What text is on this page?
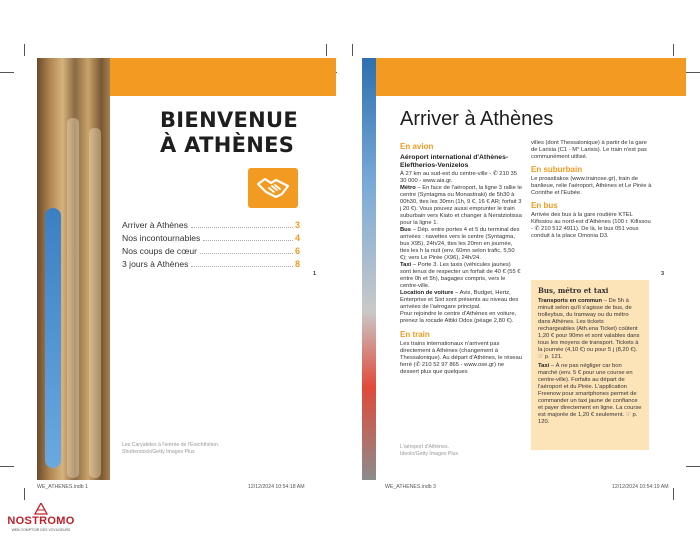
BIENVENUE
À ATHÈNES
Arriver à Athènes	3
Nos incontournables	4
Nos coups de cœur	6
3 jours à Athènes	8
1
Les Caryatides à l'entrée de l'Erechthéion.
Shutterstock/Getty Images Plus
WE_ATHENES.indb 1	12/12/2024 10:54:18 AM
Arriver à Athènes
En avion
Aéroport international d'Athènes- Eleftherios-Venizelos
À 27 km au sud-est du centre-ville - ✆ 210 35 30 000 - www.aia.gr.
Métro – En face de l'aéroport, la ligne 3 rallie le centre (Syntagma ou Monastiraki) de 5h30 à 00h30, ttes les 30mn (1h, 9 €, 16 € AR; forfait 3 j 20 €). Vous pouvez aussi emprunter le train suburbain vers Kiato et changer à Neratziotissa pour la ligne 1.
Bus – Dép. entre portes 4 et 5 du terminal des arrivées : navettes vers le centre (Syntagma, bus X95), 24h/24, ttes les 20mn en journée, ttes les h la nuit (env. 60mn selon trafic, 5,50 €); vers Le Pirée (X96), 24h/24.
Taxi – Porte 3. Les taxis (véhicules jaunes) sont tenus de respecter un forfait de 40 € (55 € entre 0h et 5h), bagages compris, vers le centre-ville.
Location de voiture – Avis, Budget, Hertz, Enterprise et Sixt sont présents au niveau des arrivées de l'aérogare principal.
Pour rejoindre le centre d'Athènes en voiture, prenez la rocade Attiki Odos (péage 2,80 €).
En train
Les trains internationaux n'arrivent pas directement à Athènes (changement à Thessalonique). Au départ d'Athènes, le réseau ferré (✆ 210 52 97 865 - www.ose.gr) ne dessert plus que quelques
villes (dont Thessalonique) à partir de la gare de Larisia (C1 - M° Larisis). Le train n'est pas communément utilisé.
En suburbain
Le proastiakos (www.trainose.gr), train de banlieue, relie l'aéroport, Athènes et Le Pirée à Corinthe et l'Eubée.
En bus
Arrivée des bus à la gare routière KTEL Kifissiou au nord-est d'Athènes (100 r. Kifissou - ✆ 210 512 4911). De là, le bus 051 vous conduit à la place Omonia D3.
Bus, métro et taxi
Transports en commun – De 5h à minuit selon qu'il s'agisse de bus, de trolleybus, du tramway ou du métro dans Athènes. Les tickets rechargeables (Ath.ena Ticket) coûtent 1,20 € pour 90mn et sont valables dans tous les moyens de transport. Tickets à la journée (4,10 €) ou pour 5 j (8,20 €). ☞ p. 121.
Taxi – À ne pas négliger car bon marché (env. 5 € pour une course en centre-ville). Forfaits au départ de l'aéroport et du Pirée. L'application Freenow pour smartphones permet de commander un taxi jaune de confiance et payer directement en ligne. La course est majorée de 1,20 € seulement. ☞ p. 120.
3
L'aéroport d'Athènes.
Ideolo/Getty Images Plus
WE_ATHENES.indb 3	12/12/2024 10:54:19 AM
NOSTROMO
WEB COMPTOIR DES VOYAGEURS
